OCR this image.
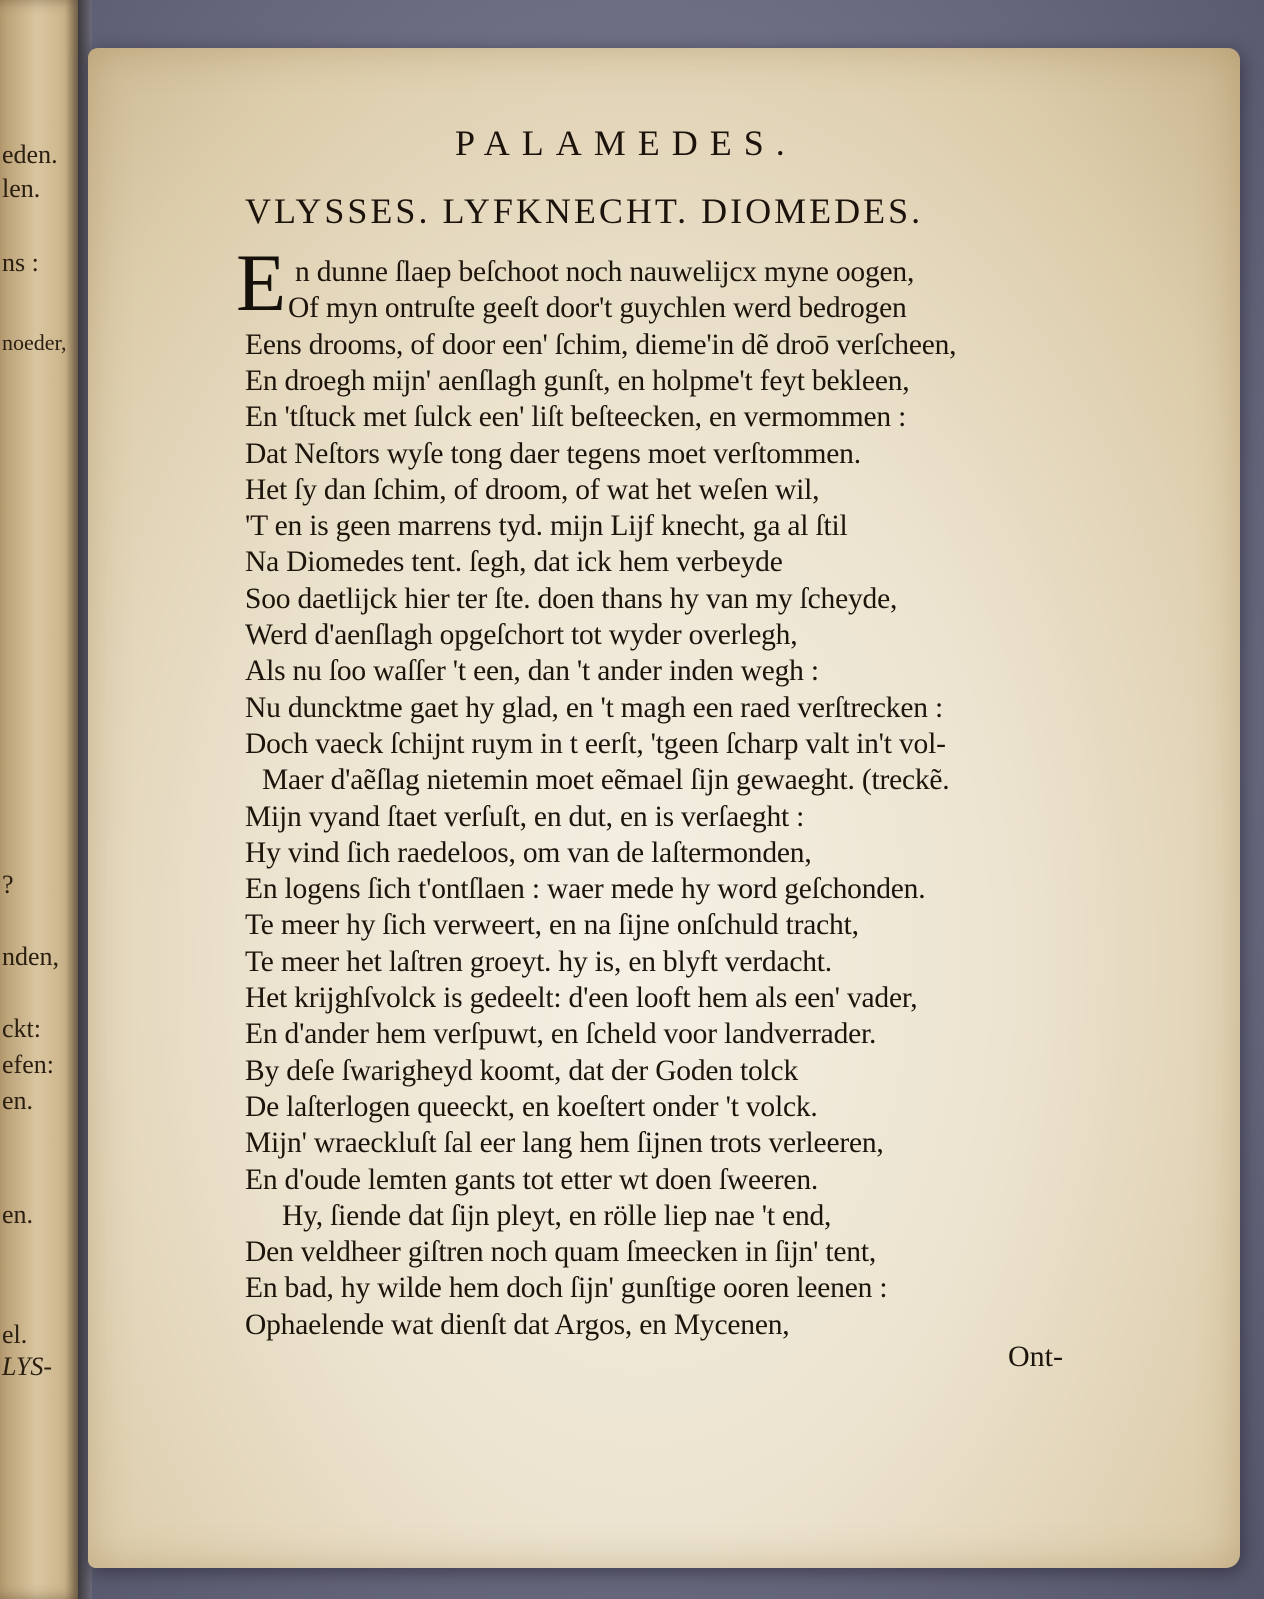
eden.
len.
ns :
noeder,
?
nden,
ckt:
efen:
en.
en.
el.
LYS-
PALAMEDES.
VLYSSES. LYFKNECHT. DIOMEDES.
E n dunne ſlaep beſchoot noch nauwelijcx myne oogen,
Of myn ontruſte geeſt door't guychlen werd bedrogen
Eens drooms, of door een' ſchim, dieme'in dẽ droō verſcheen,
En droegh mijn' aenſlagh gunſt, en holpme't feyt bekleen,
En 'tſtuck met ſulck een' liſt beſteecken, en vermommen :
Dat Neſtors wyſe tong daer tegens moet verſtommen.
Het ſy dan ſchim, of droom, of wat het weſen wil,
'T en is geen marrens tyd. mijn Lijf knecht, ga al ſtil
Na Diomedes tent. ſegh, dat ick hem verbeyde
Soo daetlijck hier ter ſte. doen thans hy van my ſcheyde,
Werd d'aenſlagh opgeſchort tot wyder overlegh,
Als nu ſoo waſſer 't een, dan 't ander inden wegh :
Nu duncktme gaet hy glad, en 't magh een raed verſtrecken :
Doch vaeck ſchijnt ruym in t eerſt, 'tgeen ſcharp valt in't vol-
Maer d'aẽſlag nietemin moet eẽmael ſijn gewaeght. (treckẽ.
Mijn vyand ſtaet verſuſt, en dut, en is verſaeght :
Hy vind ſich raedeloos, om van de laſtermonden,
En logens ſich t'ontſlaen : waer mede hy word geſchonden.
Te meer hy ſich verweert, en na ſijne onſchuld tracht,
Te meer het laſtren groeyt. hy is, en blyft verdacht.
Het krijghſvolck is gedeelt: d'een looft hem als een' vader,
En d'ander hem verſpuwt, en ſcheld voor landverrader.
By deſe ſwarigheyd koomt, dat der Goden tolck
De laſterlogen queeckt, en koeſtert onder 't volck.
Mijn' wraeckluſt ſal eer lang hem ſijnen trots verleeren,
En d'oude lemten gants tot etter wt doen ſweeren.
Hy, ſiende dat ſijn pleyt, en rölle liep nae 't end,
Den veldheer giſtren noch quam ſmeecken in ſijn' tent,
En bad, hy wilde hem doch ſijn' gunſtige ooren leenen :
Ophaelende wat dienſt dat Argos, en Mycenen,
Ont-
